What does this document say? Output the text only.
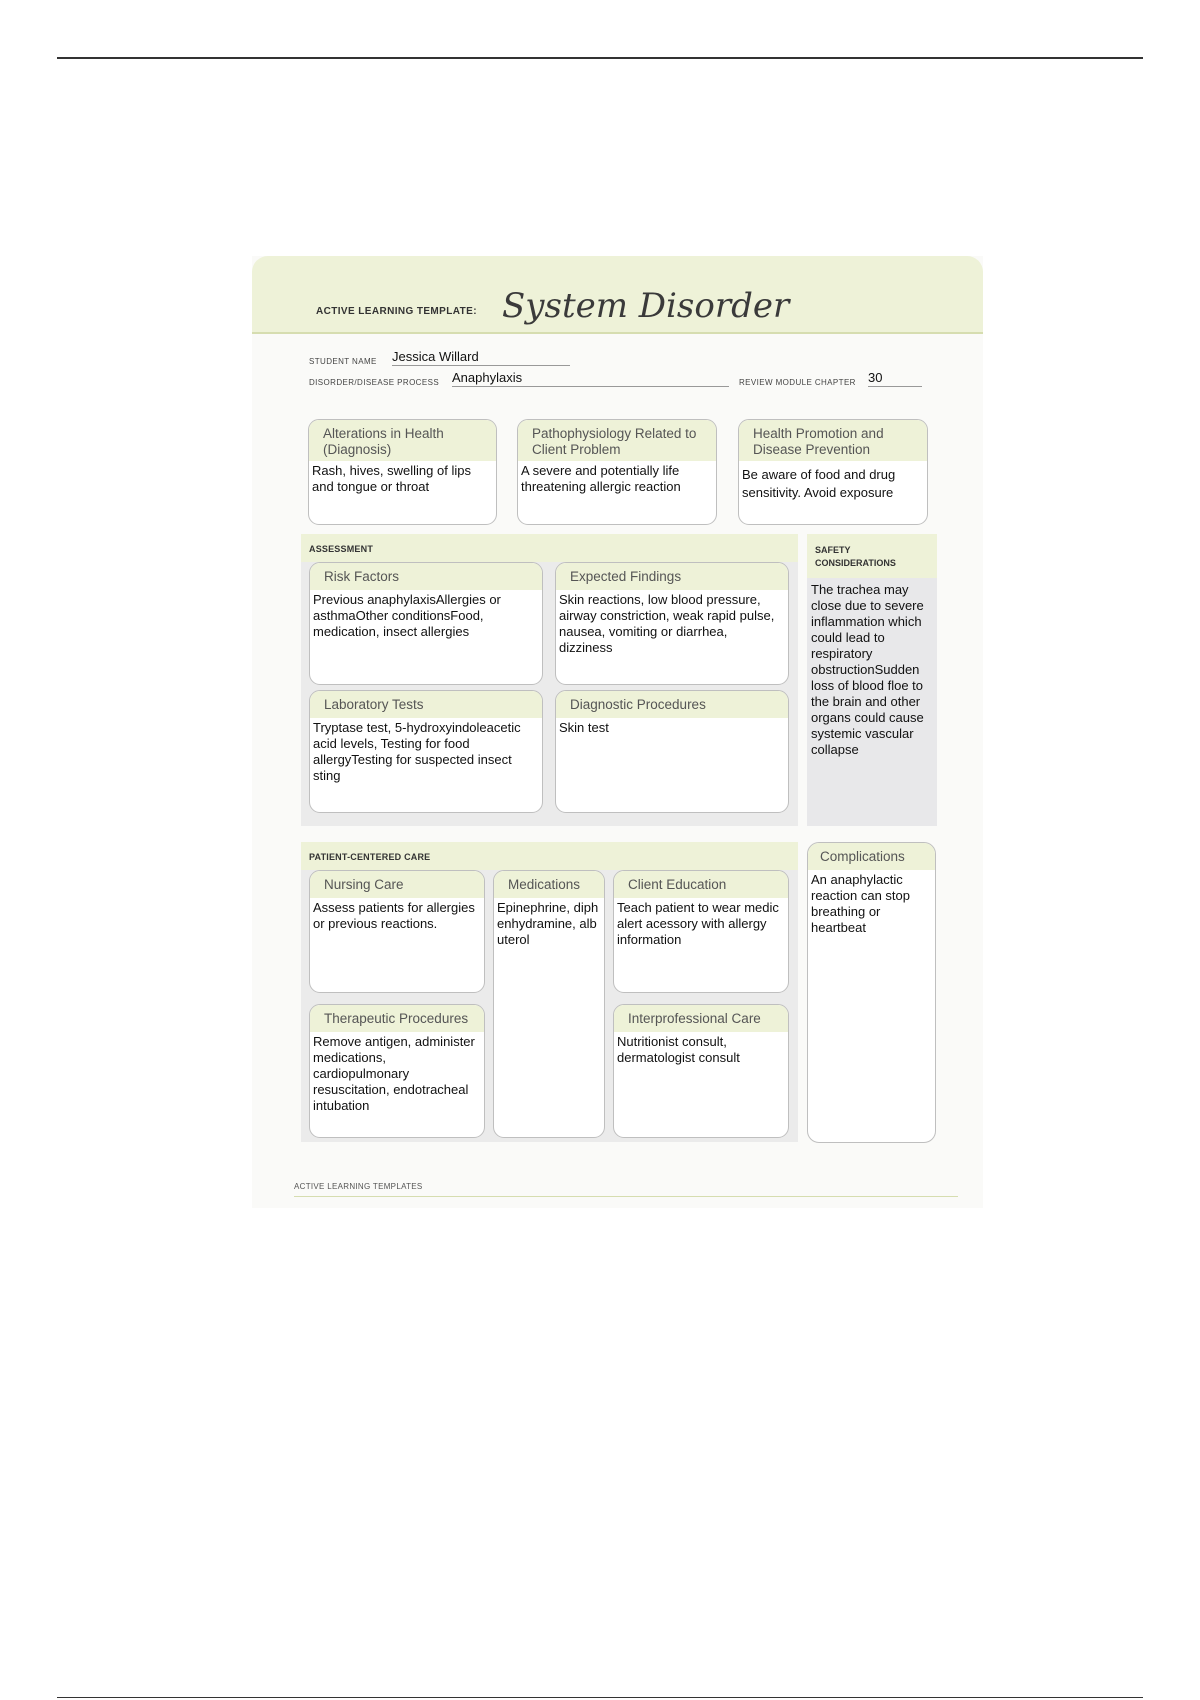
ACTIVE LEARNING TEMPLATE: System Disorder
STUDENT NAME Jessica Willard
DISORDER/DISEASE PROCESS Anaphylaxis	REVIEW MODULE CHAPTER 30
Alterations in Health (Diagnosis)
Rash, hives, swelling of lips and tongue or throat
Pathophysiology Related to Client Problem
A severe and potentially life threatening allergic reaction
Health Promotion and Disease Prevention
Be aware of food and drug sensitivity. Avoid exposure
ASSESSMENT
Risk Factors
Previous anaphylaxisAllergies or asthmaOther conditionsFood, medication, insect allergies
Expected Findings
Skin reactions, low blood pressure, airway constriction, weak rapid pulse, nausea, vomiting or diarrhea, dizziness
Laboratory Tests
Tryptase test, 5-hydroxyindoleacetic acid levels, Testing for food allergyTesting for suspected insect sting
Diagnostic Procedures
Skin test
SAFETY CONSIDERATIONS
The trachea may close due to severe inflammation which could lead to respiratory obstructionSudden loss of blood floe to the brain and other organs could cause systemic vascular collapse
PATIENT-CENTERED CARE
Nursing Care
Assess patients for allergies or previous reactions.
Medications
Epinephrine, diphenhydramine, albuterol
Client Education
Teach patient to wear medic alert acessory with allergy information
Therapeutic Procedures
Remove antigen, administer medications, cardiopulmonary resuscitation, endotracheal intubation
Interprofessional Care
Nutritionist consult, dermatologist consult
Complications
An anaphylactic reaction can stop breathing or heartbeat
ACTIVE LEARNING TEMPLATES
